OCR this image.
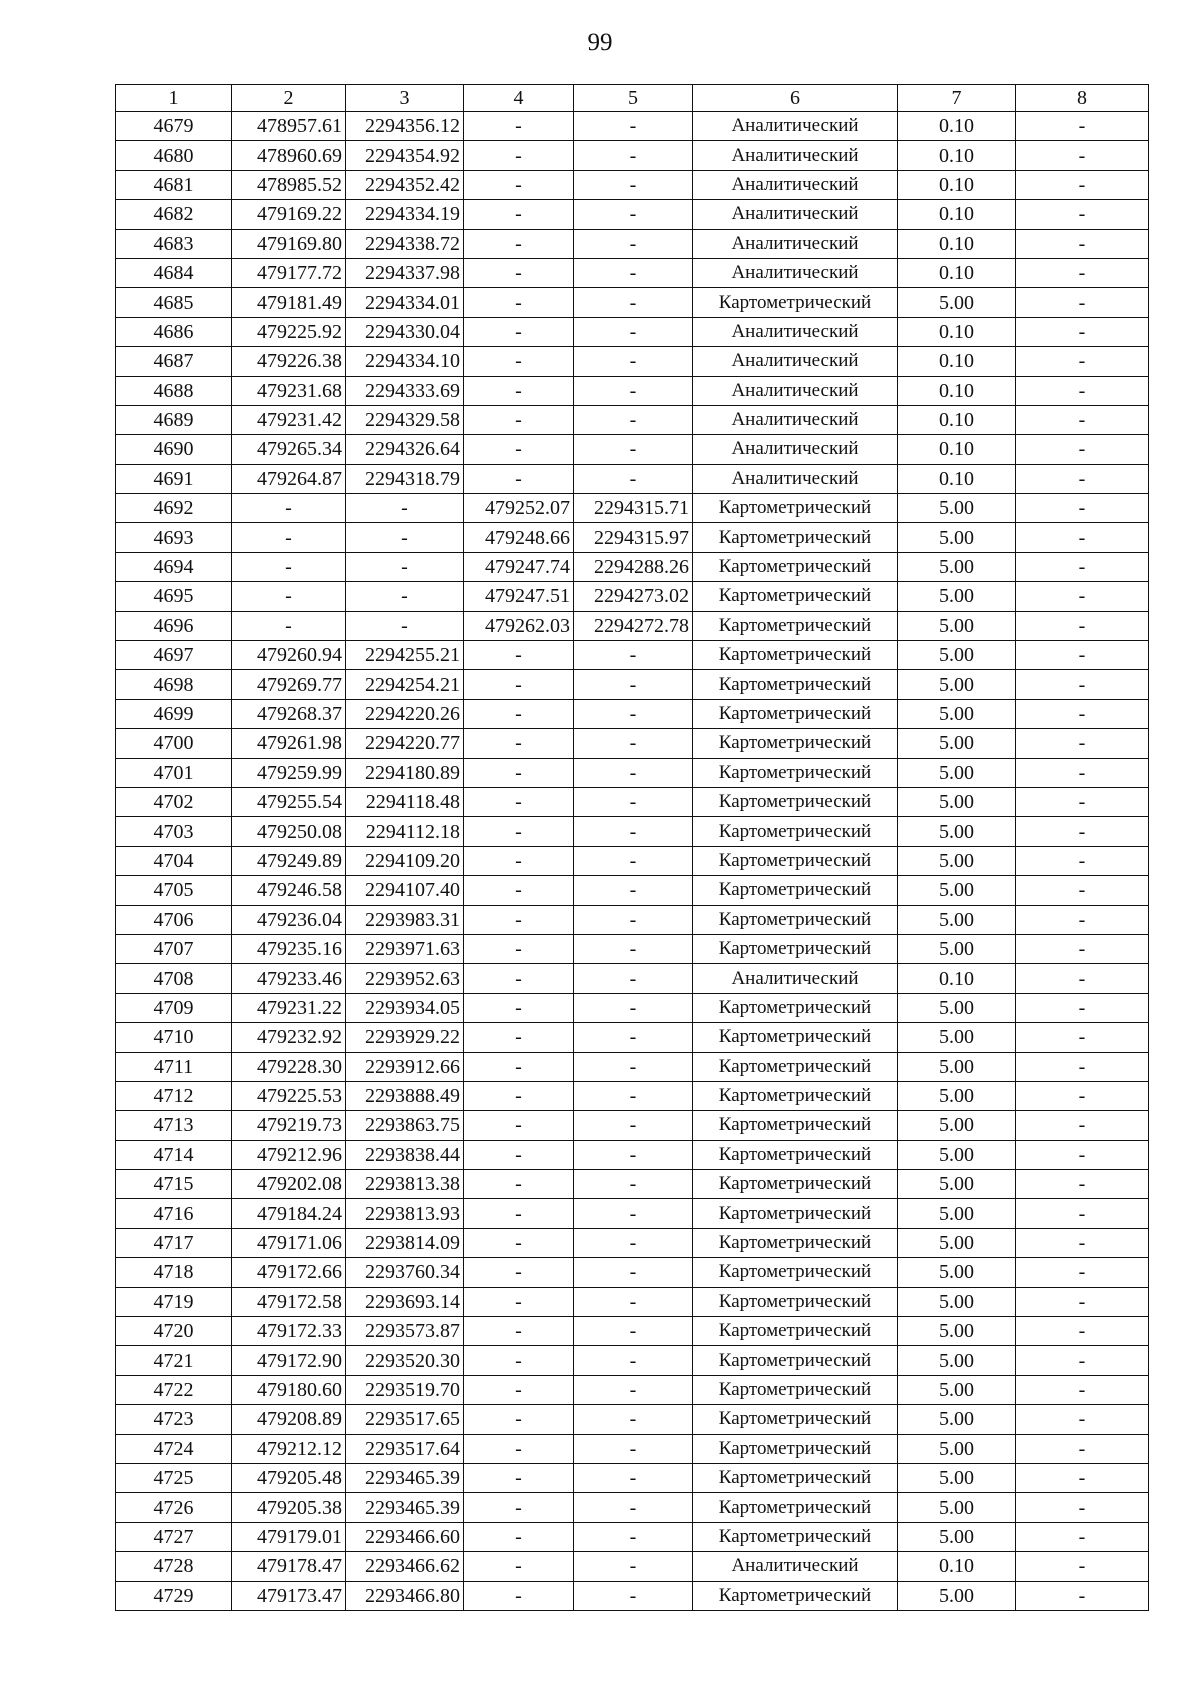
99
1	2	3	4	5	6	7	8
4679	478957.61	2294356.12	-	-	Аналитический	0.10	-
4680	478960.69	2294354.92	-	-	Аналитический	0.10	-
4681	478985.52	2294352.42	-	-	Аналитический	0.10	-
4682	479169.22	2294334.19	-	-	Аналитический	0.10	-
4683	479169.80	2294338.72	-	-	Аналитический	0.10	-
4684	479177.72	2294337.98	-	-	Аналитический	0.10	-
4685	479181.49	2294334.01	-	-	Картометрический	5.00	-
4686	479225.92	2294330.04	-	-	Аналитический	0.10	-
4687	479226.38	2294334.10	-	-	Аналитический	0.10	-
4688	479231.68	2294333.69	-	-	Аналитический	0.10	-
4689	479231.42	2294329.58	-	-	Аналитический	0.10	-
4690	479265.34	2294326.64	-	-	Аналитический	0.10	-
4691	479264.87	2294318.79	-	-	Аналитический	0.10	-
4692	-	-	479252.07	2294315.71	Картометрический	5.00	-
4693	-	-	479248.66	2294315.97	Картометрический	5.00	-
4694	-	-	479247.74	2294288.26	Картометрический	5.00	-
4695	-	-	479247.51	2294273.02	Картометрический	5.00	-
4696	-	-	479262.03	2294272.78	Картометрический	5.00	-
4697	479260.94	2294255.21	-	-	Картометрический	5.00	-
4698	479269.77	2294254.21	-	-	Картометрический	5.00	-
4699	479268.37	2294220.26	-	-	Картометрический	5.00	-
4700	479261.98	2294220.77	-	-	Картометрический	5.00	-
4701	479259.99	2294180.89	-	-	Картометрический	5.00	-
4702	479255.54	2294118.48	-	-	Картометрический	5.00	-
4703	479250.08	2294112.18	-	-	Картометрический	5.00	-
4704	479249.89	2294109.20	-	-	Картометрический	5.00	-
4705	479246.58	2294107.40	-	-	Картометрический	5.00	-
4706	479236.04	2293983.31	-	-	Картометрический	5.00	-
4707	479235.16	2293971.63	-	-	Картометрический	5.00	-
4708	479233.46	2293952.63	-	-	Аналитический	0.10	-
4709	479231.22	2293934.05	-	-	Картометрический	5.00	-
4710	479232.92	2293929.22	-	-	Картометрический	5.00	-
4711	479228.30	2293912.66	-	-	Картометрический	5.00	-
4712	479225.53	2293888.49	-	-	Картометрический	5.00	-
4713	479219.73	2293863.75	-	-	Картометрический	5.00	-
4714	479212.96	2293838.44	-	-	Картометрический	5.00	-
4715	479202.08	2293813.38	-	-	Картометрический	5.00	-
4716	479184.24	2293813.93	-	-	Картометрический	5.00	-
4717	479171.06	2293814.09	-	-	Картометрический	5.00	-
4718	479172.66	2293760.34	-	-	Картометрический	5.00	-
4719	479172.58	2293693.14	-	-	Картометрический	5.00	-
4720	479172.33	2293573.87	-	-	Картометрический	5.00	-
4721	479172.90	2293520.30	-	-	Картометрический	5.00	-
4722	479180.60	2293519.70	-	-	Картометрический	5.00	-
4723	479208.89	2293517.65	-	-	Картометрический	5.00	-
4724	479212.12	2293517.64	-	-	Картометрический	5.00	-
4725	479205.48	2293465.39	-	-	Картометрический	5.00	-
4726	479205.38	2293465.39	-	-	Картометрический	5.00	-
4727	479179.01	2293466.60	-	-	Картометрический	5.00	-
4728	479178.47	2293466.62	-	-	Аналитический	0.10	-
4729	479173.47	2293466.80	-	-	Картометрический	5.00	-
